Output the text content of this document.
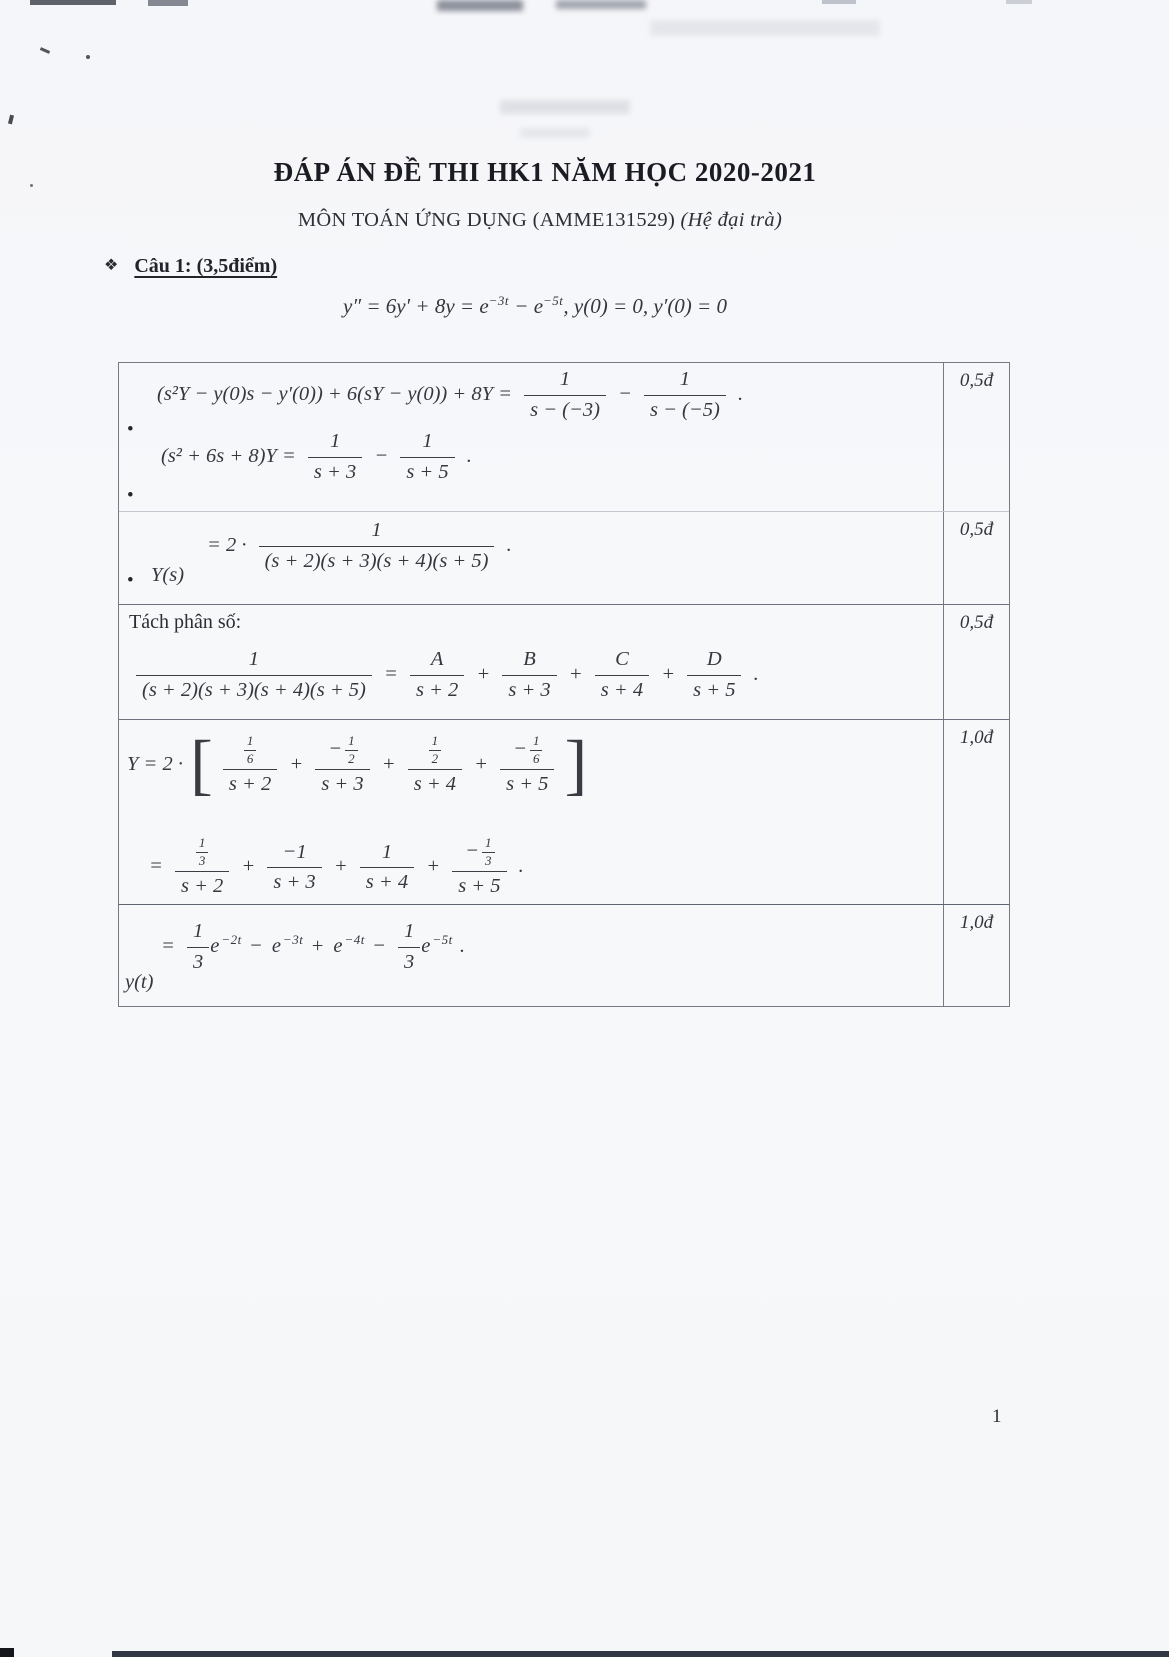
ĐÁP ÁN ĐỀ THI HK1 NĂM HỌC 2020-2021
MÔN TOÁN ỨNG DỤNG (AMME131529) (Hệ đại trà)
❖ Câu 1: (3,5điểm)
$y'' = 6y' + 8y = e^{-3t} - e^{-5t}$, y(0) = 0, y′(0) = 0
$(s^2Y - y(0)s - y'(0)) + 6(sY - y(0)) + 8Y = \frac{1}{s - (-3)} - \frac{1}{s - (-5)}$ .
•
$(s^2 + 6s + 8)Y = \frac{1}{s + 3} - \frac{1}{s + 5}$ .
•
0,5đ
• Y(s)
= $2 \cdot \frac{1}{(s + 2)(s + 3)(s + 4)(s + 5)}$ .
0,5đ
Tách phân số:
$\frac{1}{(s + 2)(s + 3)(s + 4)(s + 5)} = \frac{A}{s + 2} + \frac{B}{s + 3} + \frac{C}{s + 4} + \frac{D}{s + 5}$ .
0,5đ
Y = 2 · [ $\frac{\frac{1}{6}}{s + 2} + \frac{- \frac{1}{2}}{s + 3} + \frac{\frac{1}{2}}{s + 4} + \frac{- \frac{1}{6}}{s + 5}$ ]
= $\frac{\frac{1}{3}}{s + 2} + \frac{-1}{s + 3} + \frac{1}{s + 4} + \frac{- \frac{1}{3}}{s + 5}$ .
1,0đ
= $\frac{1}{3}$ e $^{-2t}$ − e $^{-3t}$ + e $^{-4t} - \frac{1}{3}$ e $^{-5t}$ .
y(t)
1,0đ
1
